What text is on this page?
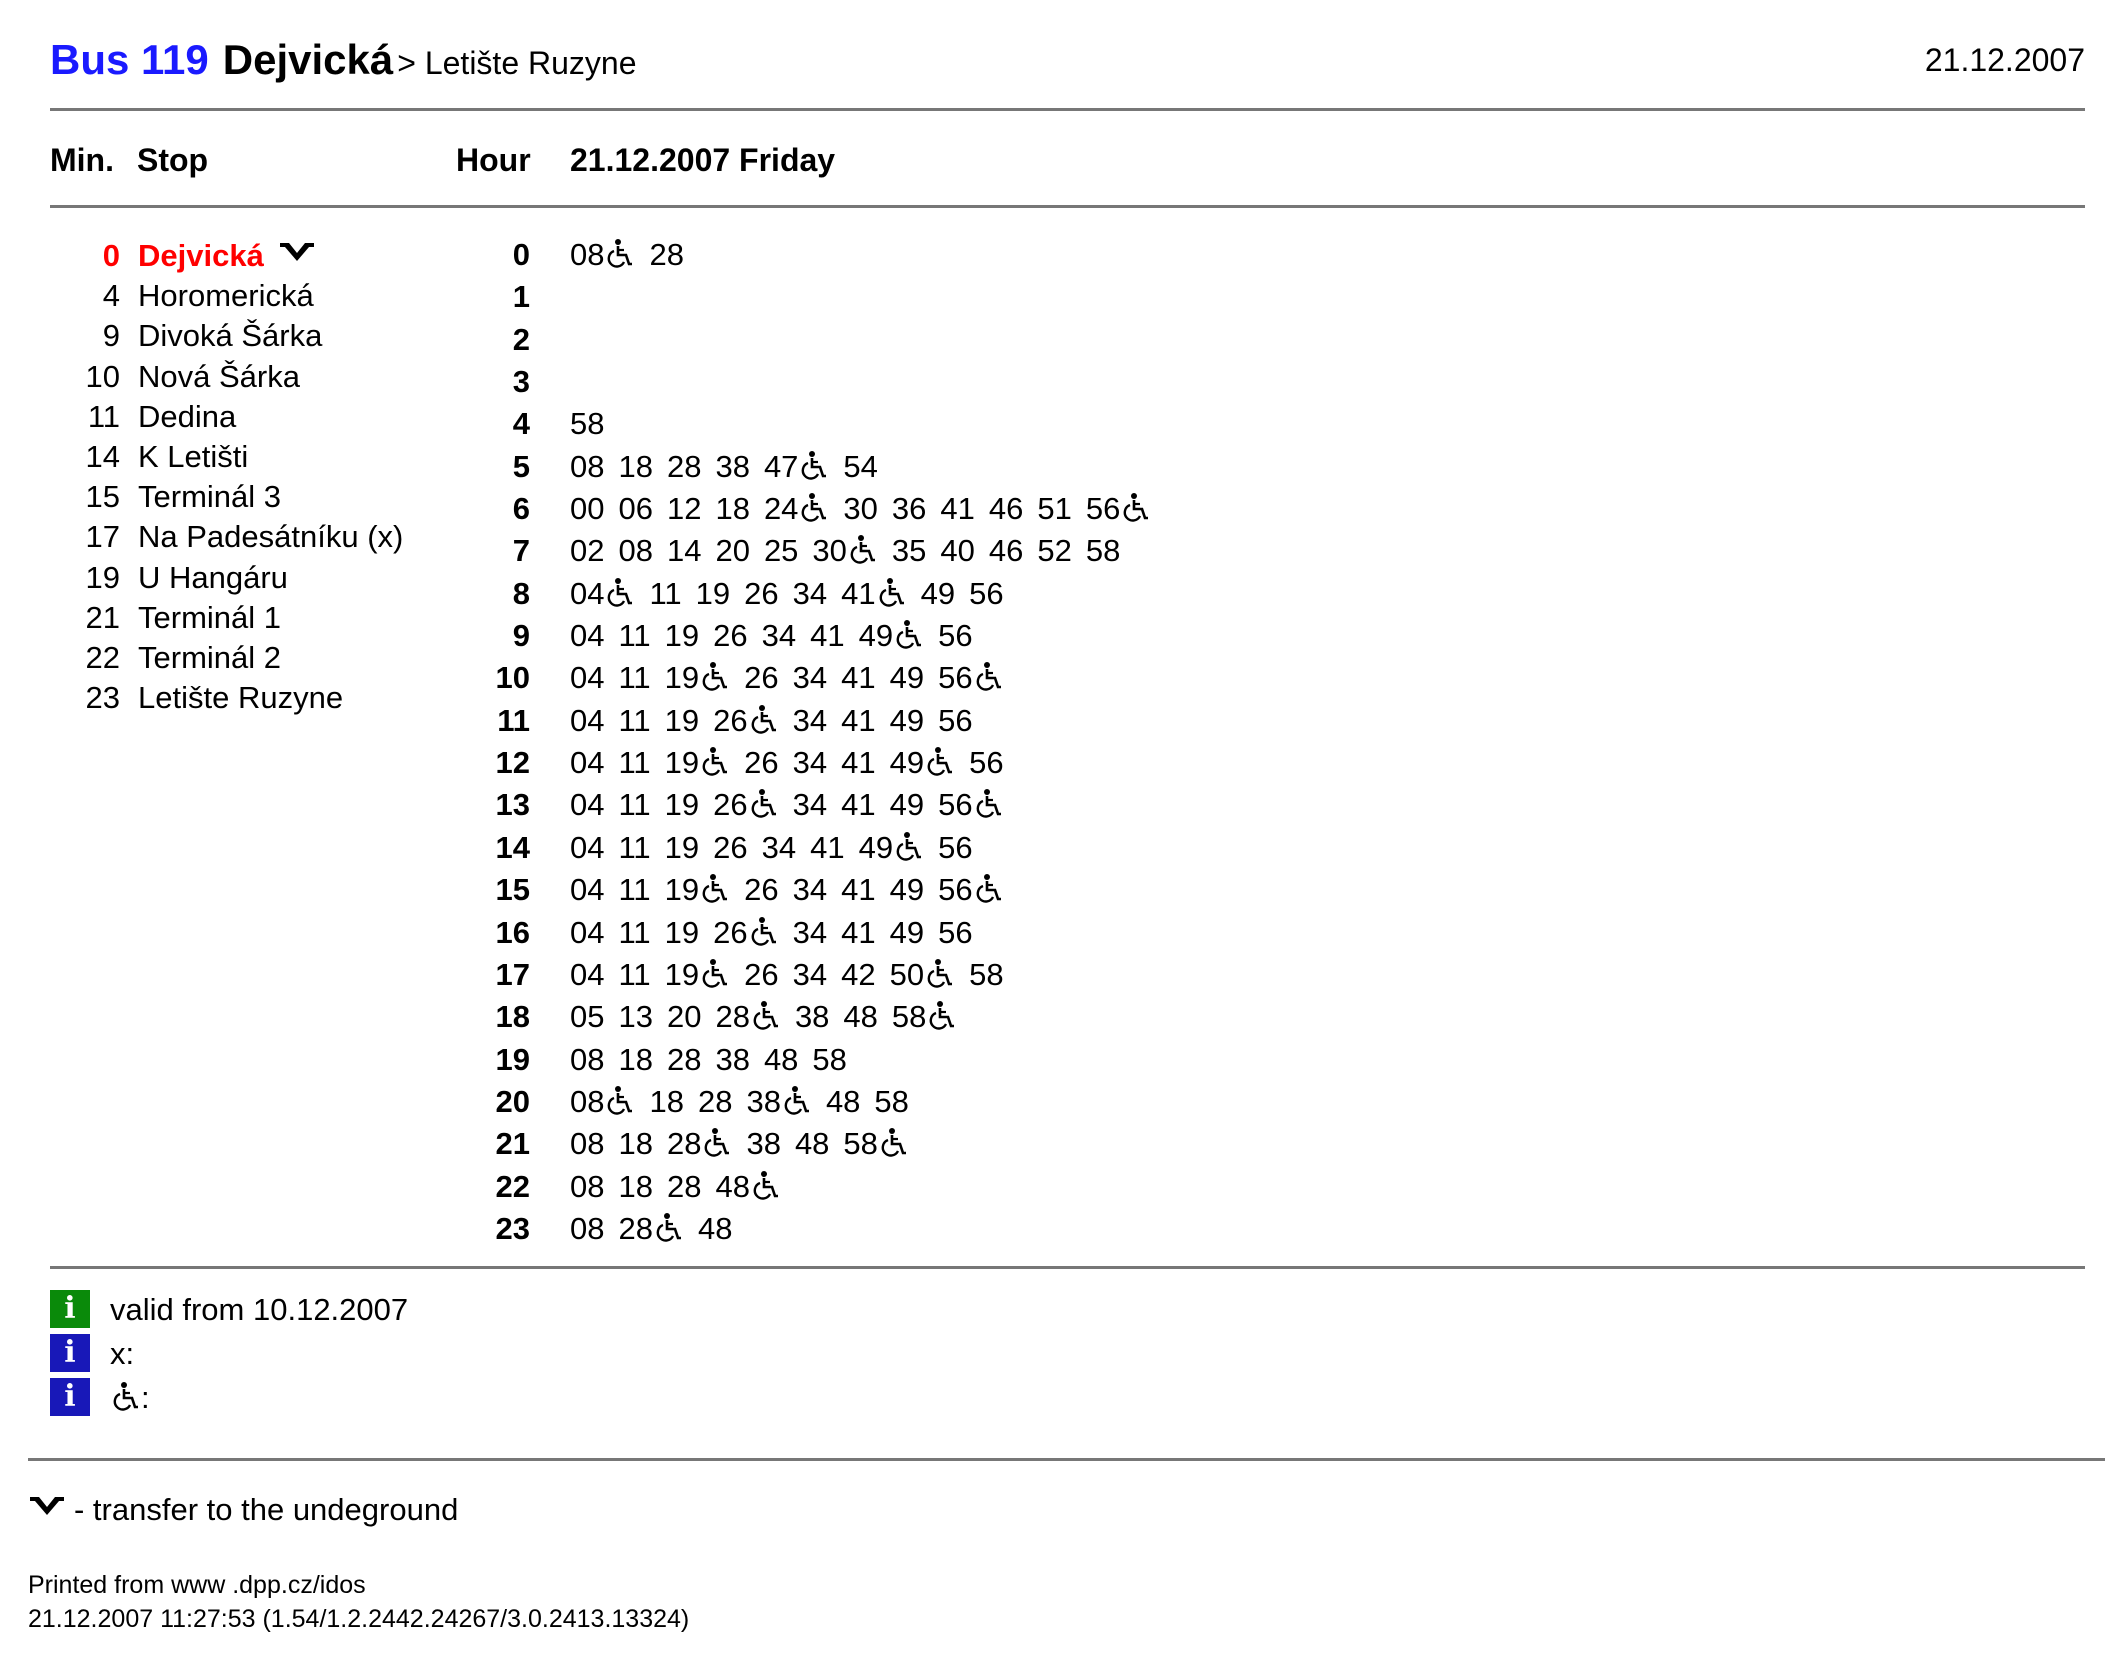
Bus 119 Dejvická > Letište Ruzyne	21.12.2007
Min. Stop	Hour 21.12.2007 Friday
0 Dejvická
4 Horomerická
9 Divoká Šárka
10 Nová Šárka
11 Dedina
14 K Letišti
15 Terminál 3
17 Na Padesátníku (x)
19 U Hangáru
21 Terminál 1
22 Terminál 2
23 Letište Ruzyne
0 08 28
1
2
3
4 58
5 08 18 28 38 47 54
6 00 06 12 18 24 30 36 41 46 51 56
7 02 08 14 20 25 30 35 40 46 52 58
8 04 11 19 26 34 41 49 56
9 04 11 19 26 34 41 49 56
10 04 11 19 26 34 41 49 56
11 04 11 19 26 34 41 49 56
12 04 11 19 26 34 41 49 56
13 04 11 19 26 34 41 49 56
14 04 11 19 26 34 41 49 56
15 04 11 19 26 34 41 49 56
16 04 11 19 26 34 41 49 56
17 04 11 19 26 34 42 50 58
18 05 13 20 28 38 48 58
19 08 18 28 38 48 58
20 08 18 28 38 48 58
21 08 18 28 38 48 58
22 08 18 28 48
23 08 28 48
i	valid from 10.12.2007
i	x:
i	:
- transfer to the undeground
Printed from www .dpp.cz/idos
21.12.2007 11:27:53 (1.54/1.2.2442.24267/3.0.2413.13324)
